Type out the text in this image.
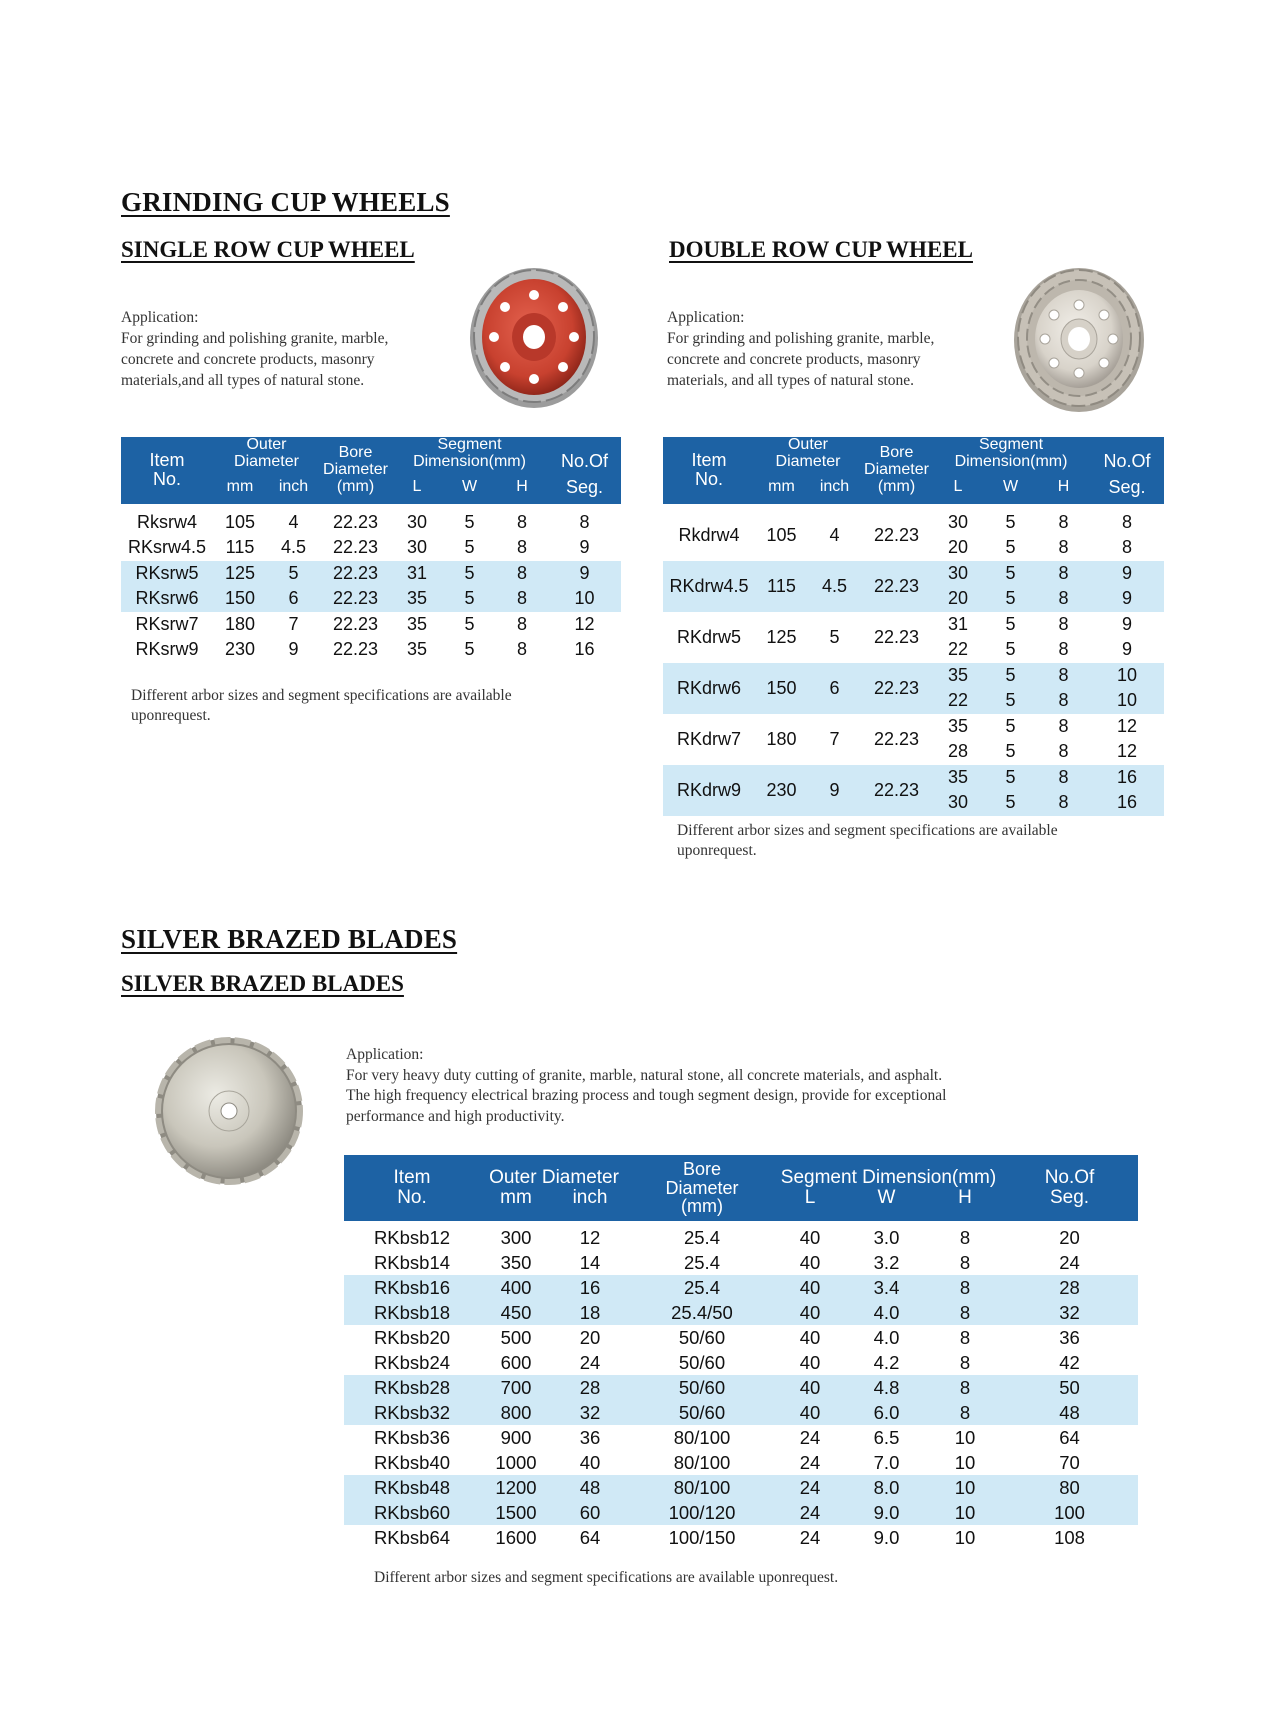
GRINDING CUP WHEELS
SINGLE ROW CUP WHEEL	DOUBLE ROW CUP WHEEL
Application:
For grinding and polishing granite, marble,
concrete and concrete products, masonry
materials,and all types of natural stone.
Application:
For grinding and polishing granite, marble,
concrete and concrete products, masonry
materials, and all types of natural stone.
Item
No.	Outer Diameter		Bore
Diameter
(mm)	Segment Dimension(mm)			No.Of
	mm	inch		L	W	H	Seg.

Rksrw4	105	4	22.23	30	5	8	8
RKsrw4.5	115	4.5	22.23	30	5	8	9
RKsrw5	125	5	22.23	31	5	8	9
RKsrw6	150	6	22.23	35	5	8	10
RKsrw7	180	7	22.23	35	5	8	12
RKsrw9	230	9	22.23	35	5	8	16
Different arbor sizes and segment specifications are available
uponrequest.
Item
No.	Outer Diameter		Bore
Diameter
(mm)	Segment Dimension(mm)			No.Of
	mm	inch		L	W	H	Seg.

Rkdrw4	105	4	22.23	30	5	8	8
				20	5	8	8
RKdrw4.5	115	4.5	22.23	30	5	8	9
				20	5	8	9
RKdrw5	125	5	22.23	31	5	8	9
				22	5	8	9
RKdrw6	150	6	22.23	35	5	8	10
				22	5	8	10
RKdrw7	180	7	22.23	35	5	8	12
				28	5	8	12
RKdrw9	230	9	22.23	35	5	8	16
				30	5	8	16
Different arbor sizes and segment specifications are available
uponrequest.
SILVER BRAZED BLADES
SILVER BRAZED BLADES
Application:
For very heavy duty cutting of granite, marble, natural stone, all concrete materials, and asphalt.
The high frequency electrical brazing process and tough segment design, provide for exceptional
performance and high productivity.
Item
No.	Outer Diameter		Bore
Diameter
(mm)	Segment Dimension(mm)			No.Of
	mm	inch		L	W	H	Seg.

RKbsb12	300	12	25.4	40	3.0	8	20
RKbsb14	350	14	25.4	40	3.2	8	24
RKbsb16	400	16	25.4	40	3.4	8	28
RKbsb18	450	18	25.4/50	40	4.0	8	32
RKbsb20	500	20	50/60	40	4.0	8	36
RKbsb24	600	24	50/60	40	4.2	8	42
RKbsb28	700	28	50/60	40	4.8	8	50
RKbsb32	800	32	50/60	40	6.0	8	48
RKbsb36	900	36	80/100	24	6.5	10	64
RKbsb40	1000	40	80/100	24	7.0	10	70
RKbsb48	1200	48	80/100	24	8.0	10	80
RKbsb60	1500	60	100/120	24	9.0	10	100
RKbsb64	1600	64	100/150	24	9.0	10	108
Different arbor sizes and segment specifications are available uponrequest.
